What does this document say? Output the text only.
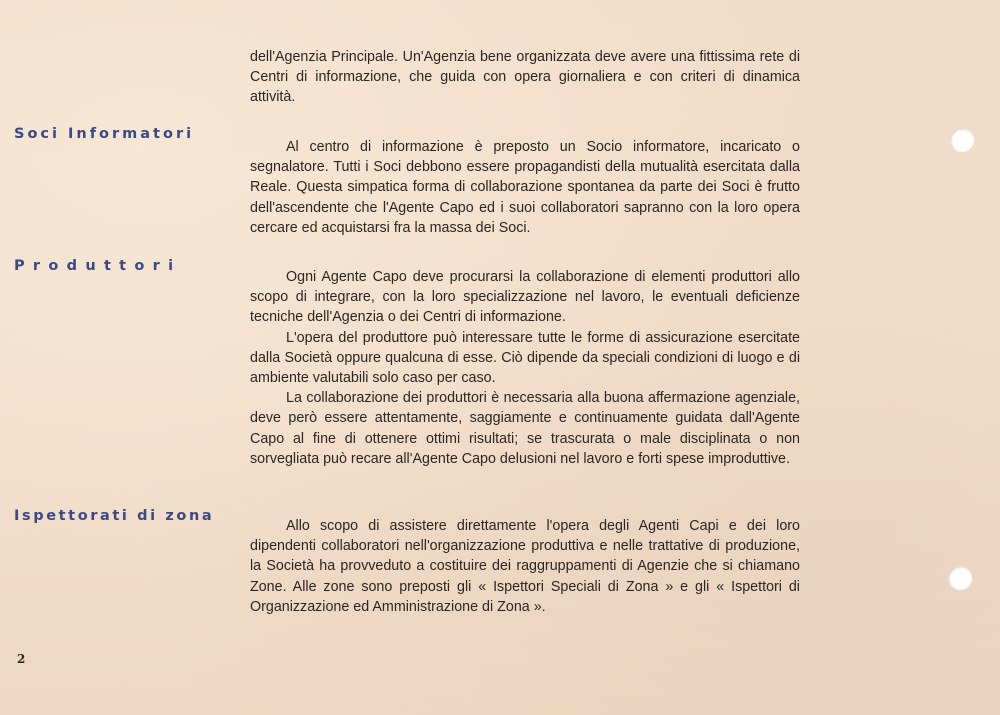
dell'Agenzia Principale. Un'Agenzia bene organizzata deve avere una fittissima rete di Centri di informazione, che guida con opera giornaliera e con criteri di dinamica attività.

Soci Informatori

Al centro di informazione è preposto un Socio informatore, incaricato o segnalatore. Tutti i Soci debbono essere propagandisti della mutualità esercitata dalla Reale. Questa simpatica forma di collaborazione spontanea da parte dei Soci è frutto dell'ascendente che l'Agente Capo ed i suoi collaboratori sapranno con la loro opera cercare ed acquistarsi fra la massa dei Soci.

Produttori

Ogni Agente Capo deve procurarsi la collaborazione di elementi produttori allo scopo di integrare, con la loro specializzazione nel lavoro, le eventuali deficienze tecniche dell'Agenzia o dei Centri di informazione.

L'opera del produttore può interessare tutte le forme di assicurazione esercitate dalla Società oppure qualcuna di esse. Ciò dipende da speciali condizioni di luogo e di ambiente valutabili solo caso per caso.

La collaborazione dei produttori è necessaria alla buona affermazione agenziale, deve però essere attentamente, saggiamente e continuamente guidata dall'Agente Capo al fine di ottenere ottimi risultati; se trascurata o male disciplinata o non sorvegliata può recare all'Agente Capo delusioni nel lavoro e forti spese improduttive.

Ispettorati di zona

Allo scopo di assistere direttamente l'opera degli Agenti Capi e dei loro dipendenti collaboratori nell'organizzazione produttiva e nelle trattative di produzione, la Società ha provveduto a costituire dei raggruppamenti di Agenzie che si chiamano Zone. Alle zone sono preposti gli « Ispettori Speciali di Zona » e gli « Ispettori di Organizzazione ed Amministrazione di Zona ».

2
